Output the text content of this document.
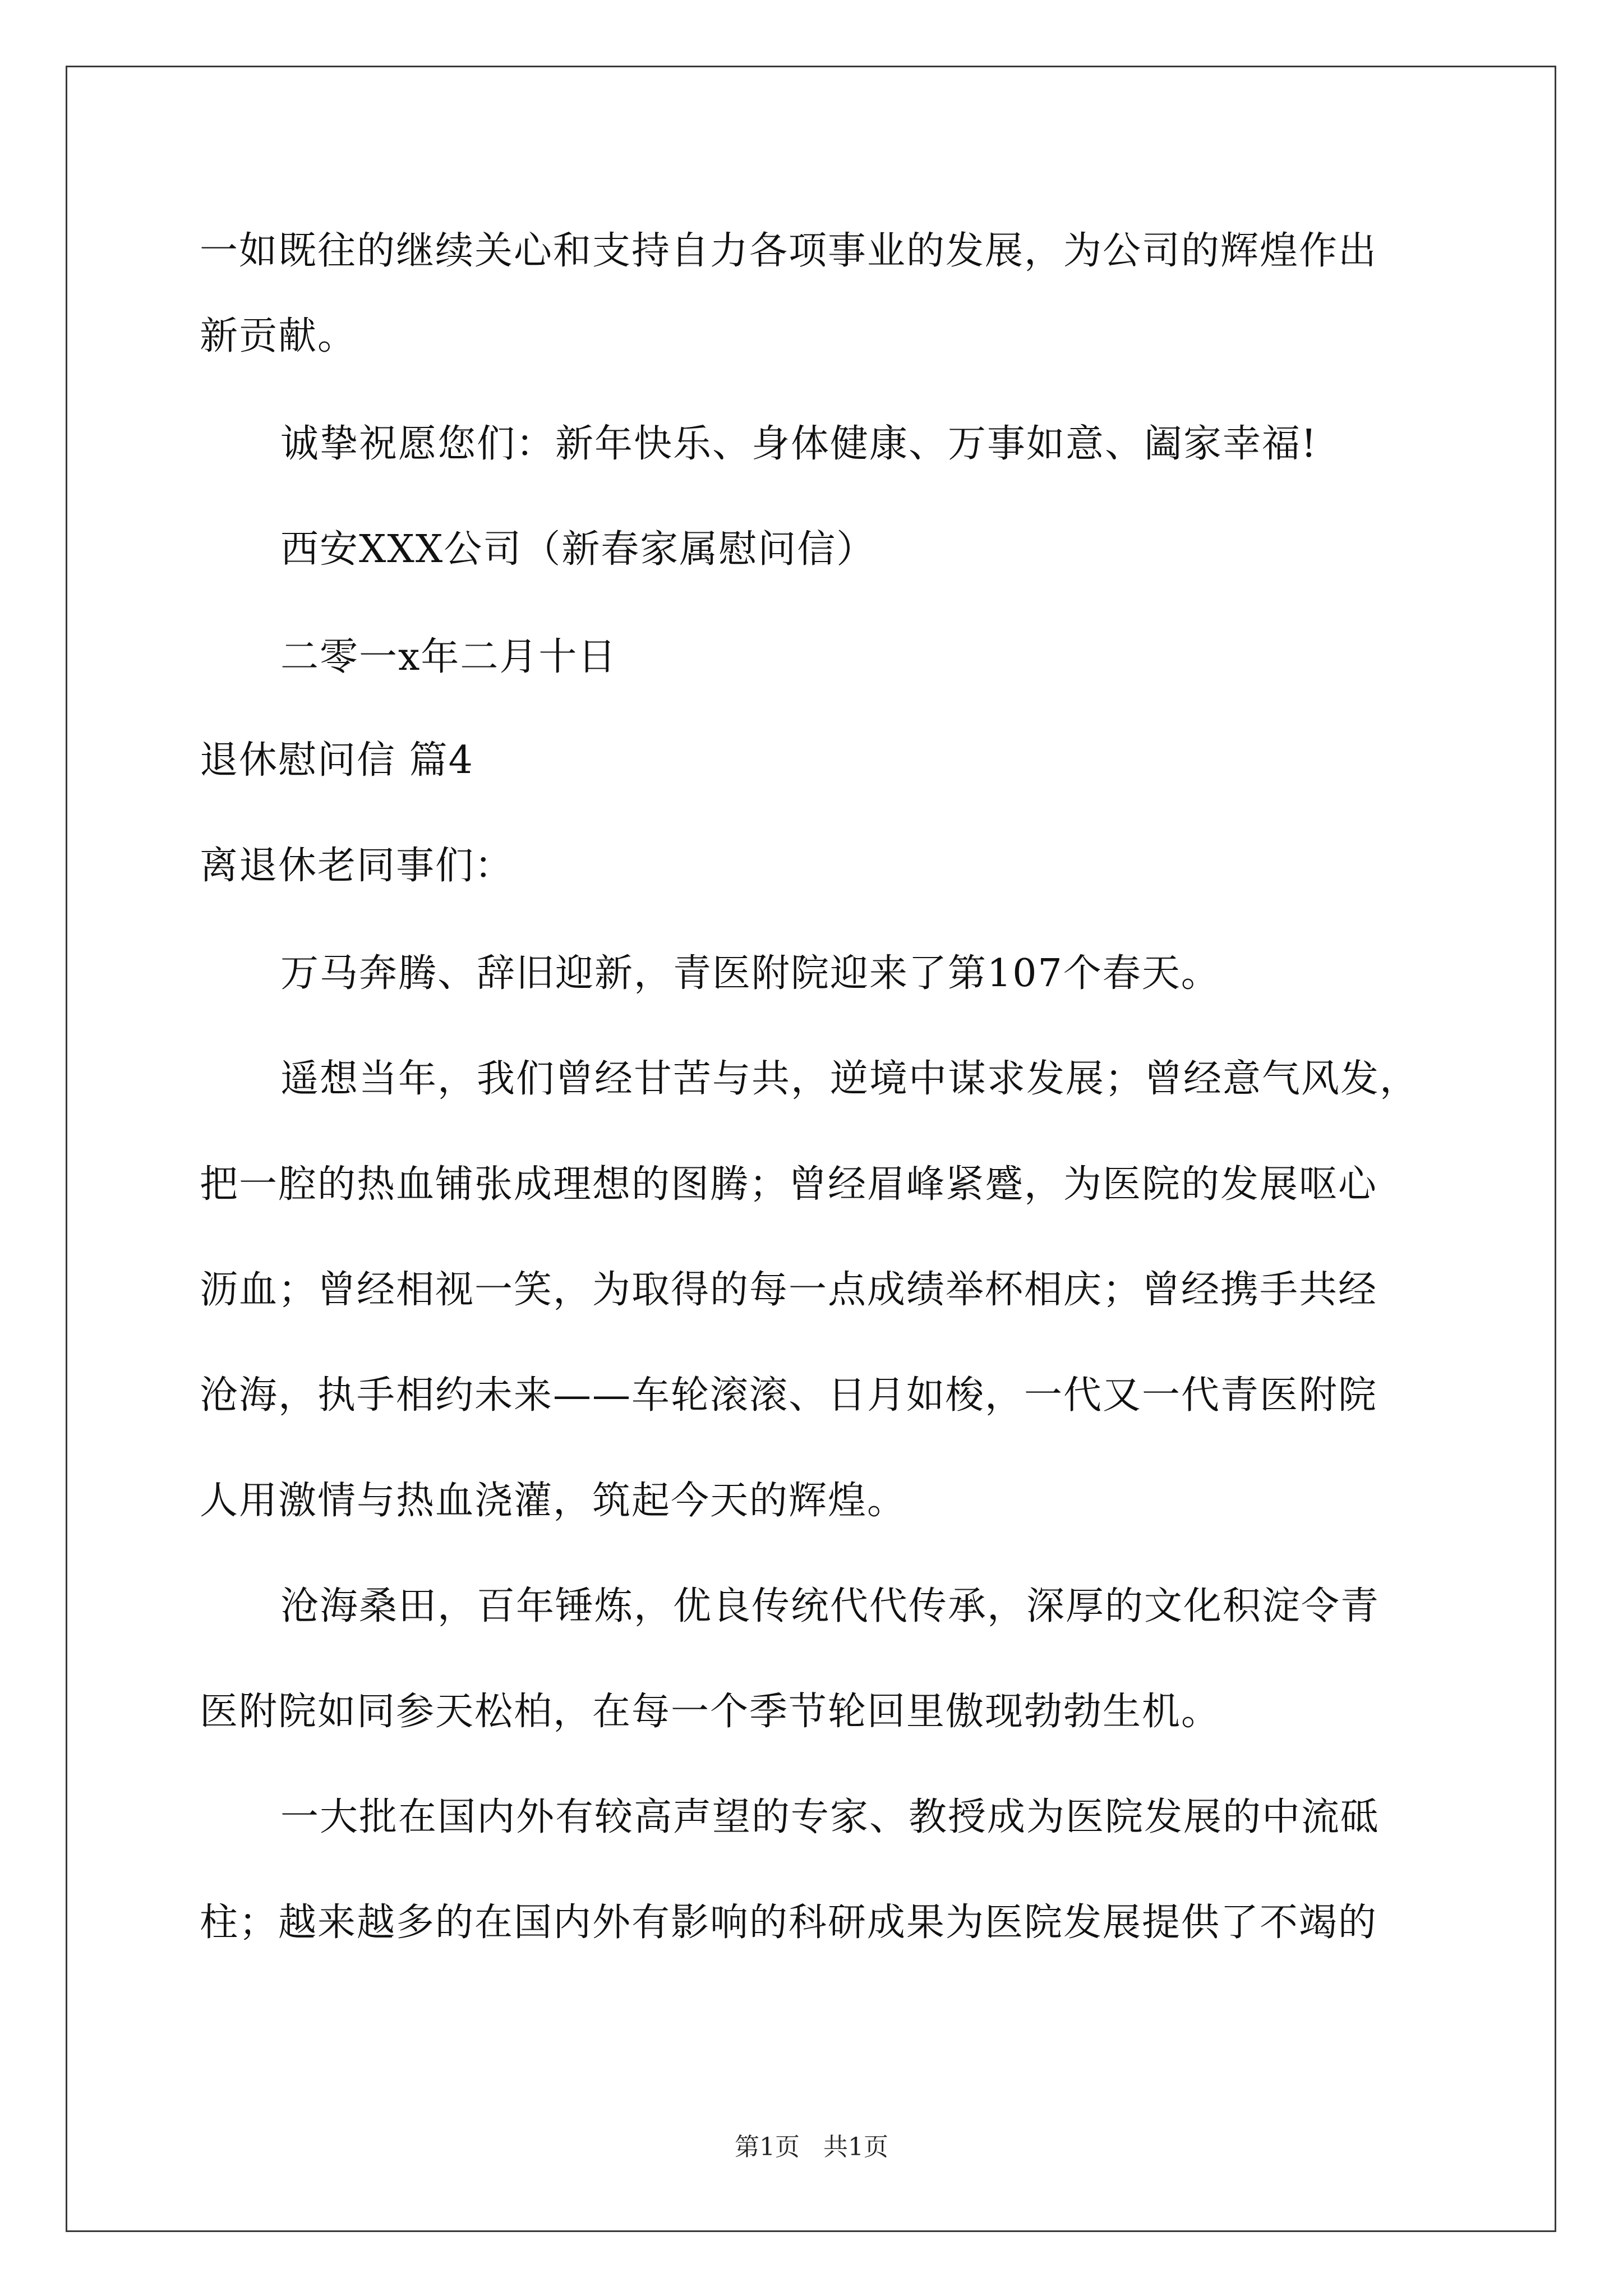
一如既往的继续关心和支持自力各项事业的发展，为公司的辉煌作出
新贡献。
诚挚祝愿您们：新年快乐、身体健康、万事如意、阖家幸福!
西安XXX公司（新春家属慰问信）
二零一x年二月十日
退休慰问信 篇4
离退休老同事们：
万马奔腾、辞旧迎新，青医附院迎来了第107个春天。
遥想当年，我们曾经甘苦与共，逆境中谋求发展；曾经意气风发，
把一腔的热血铺张成理想的图腾；曾经眉峰紧蹙，为医院的发展呕心
沥血；曾经相视一笑，为取得的每一点成绩举杯相庆；曾经携手共经
沧海，执手相约未来——车轮滚滚、日月如梭，一代又一代青医附院
人用激情与热血浇灌，筑起今天的辉煌。
沧海桑田，百年锤炼，优良传统代代传承，深厚的文化积淀令青
医附院如同参天松柏，在每一个季节轮回里傲现勃勃生机。
一大批在国内外有较高声望的专家、教授成为医院发展的中流砥
柱；越来越多的在国内外有影响的科研成果为医院发展提供了不竭的
第1页   共1页
